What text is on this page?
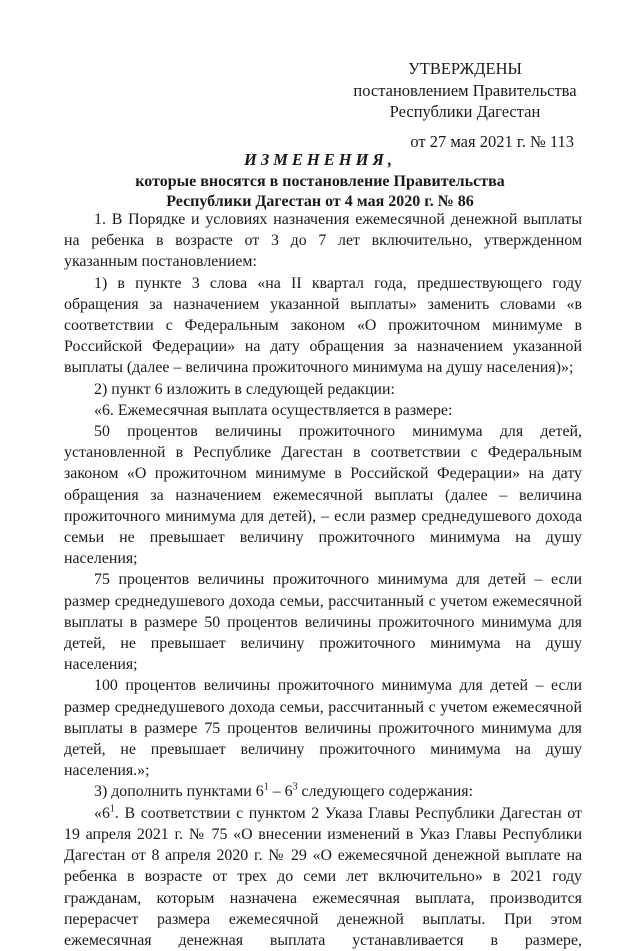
УТВЕРЖДЕНЫ
постановлением Правительства
Республики Дагестан
от 27 мая 2021 г. № 113
ИЗМЕНЕНИЯ,
которые вносятся в постановление Правительства
Республики Дагестан от 4 мая 2020 г. № 86

1. В Порядке и условиях назначения ежемесячной денежной выплаты на ребенка в возрасте от 3 до 7 лет включительно, утвержденном указанным постановлением:

1) в пункте 3 слова «на II квартал года, предшествующего году обращения за назначением указанной выплаты» заменить словами «в соответствии с Федеральным законом «О прожиточном минимуме в Российской Федерации» на дату обращения за назначением указанной выплаты (далее – величина прожиточного минимума на душу населения)»;

2) пункт 6 изложить в следующей редакции:

«6. Ежемесячная выплата осуществляется в размере:

50 процентов величины прожиточного минимума для детей, установленной в Республике Дагестан в соответствии с Федеральным законом «О прожиточном минимуме в Российской Федерации» на дату обращения за назначением ежемесячной выплаты (далее – величина прожиточного минимума для детей), – если размер среднедушевого дохода семьи не превышает величину прожиточного минимума на душу населения;

75 процентов величины прожиточного минимума для детей – если размер среднедушевого дохода семьи, рассчитанный с учетом ежемесячной выплаты в размере 50 процентов величины прожиточного минимума для детей, не превышает величину прожиточного минимума на душу населения;

100 процентов величины прожиточного минимума для детей – если размер среднедушевого дохода семьи, рассчитанный с учетом ежемесячной выплаты в размере 75 процентов величины прожиточного минимума для детей, не превышает величину прожиточного минимума на душу населения.»;

3) дополнить пунктами $6^1 - 6^3$ следующего содержания:

«$6^1$. В соответствии с пунктом 2 Указа Главы Республики Дагестан от 19 апреля 2021 г. № 75 «О внесении изменений в Указ Главы Республики Дагестан от 8 апреля 2020 г. № 29 «О ежемесячной денежной выплате на ребенка в возрасте от трех до семи лет включительно» в 2021 году гражданам, которым назначена ежемесячная выплата, производится перерасчет размера ежемесячной денежной выплаты. При этом ежемесячная денежная выплата устанавливается в размере,
